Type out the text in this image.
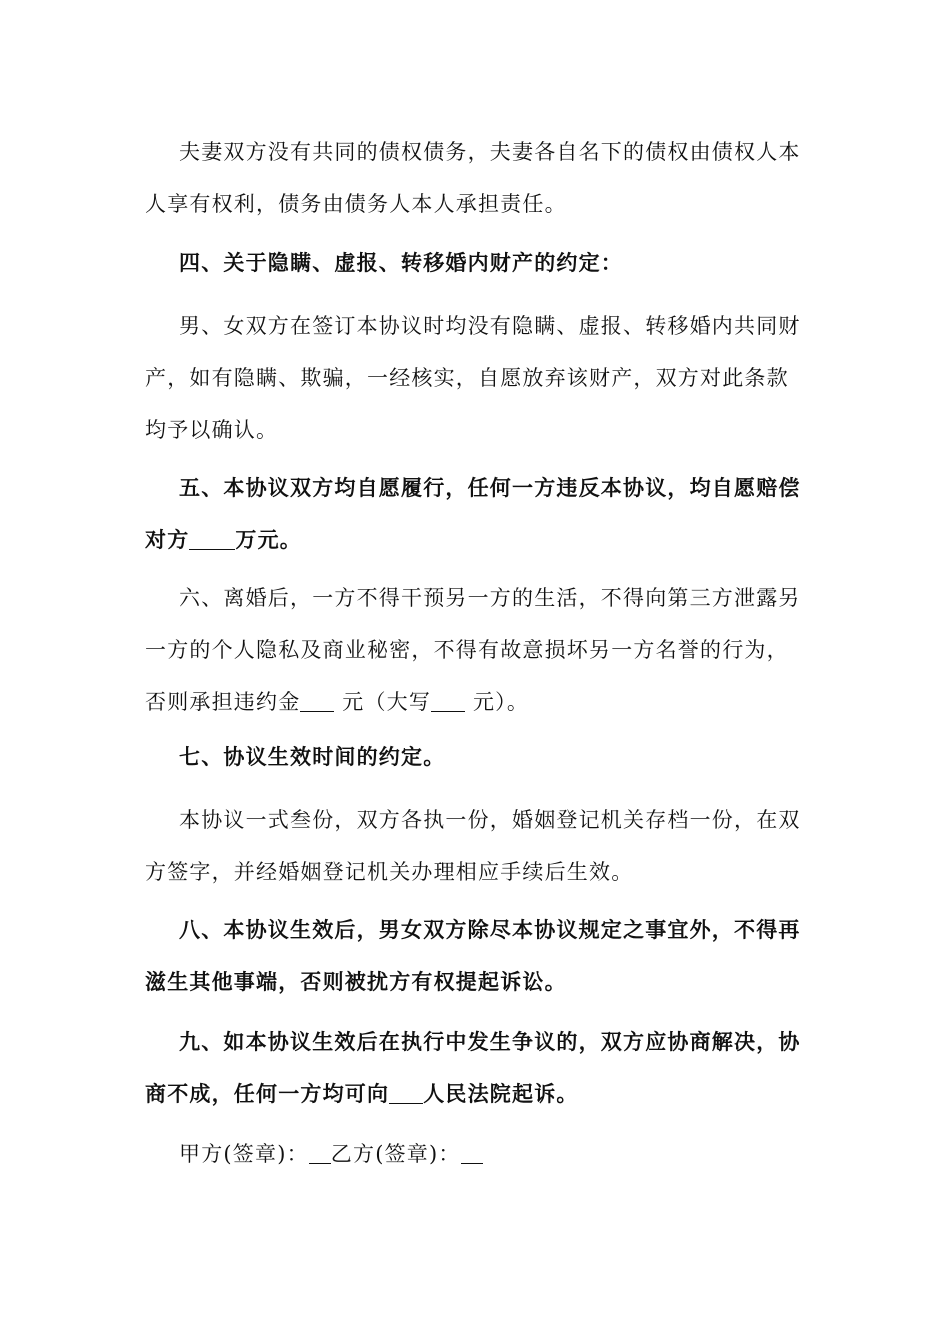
夫妻双方没有共同的债权债务，夫妻各自名下的债权由债权人本人享有权利，债务由债务人本人承担责任。

四、关于隐瞒、虚报、转移婚内财产的约定：

男、女双方在签订本协议时均没有隐瞒、虚报、转移婚内共同财产，如有隐瞒、欺骗，一经核实，自愿放弃该财产，双方对此条款均予以确认。

五、本协议双方均自愿履行，任何一方违反本协议，均自愿赔偿对方 万元。

六、离婚后，一方不得干预另一方的生活，不得向第三方泄露另一方的个人隐私及商业秘密，不得有故意损坏另一方名誉的行为，否则承担违约金 元（大写 元）。

七、协议生效时间的约定。

本协议一式叁份，双方各执一份，婚姻登记机关存档一份，在双方签字，并经婚姻登记机关办理相应手续后生效。

八、本协议生效后，男女双方除尽本协议规定之事宜外，不得再滋生其他事端，否则被扰方有权提起诉讼。

九、如本协议生效后在执行中发生争议的，双方应协商解决，协商不成，任何一方均可向 人民法院起诉。

甲方(签章)： 乙方(签章)：
